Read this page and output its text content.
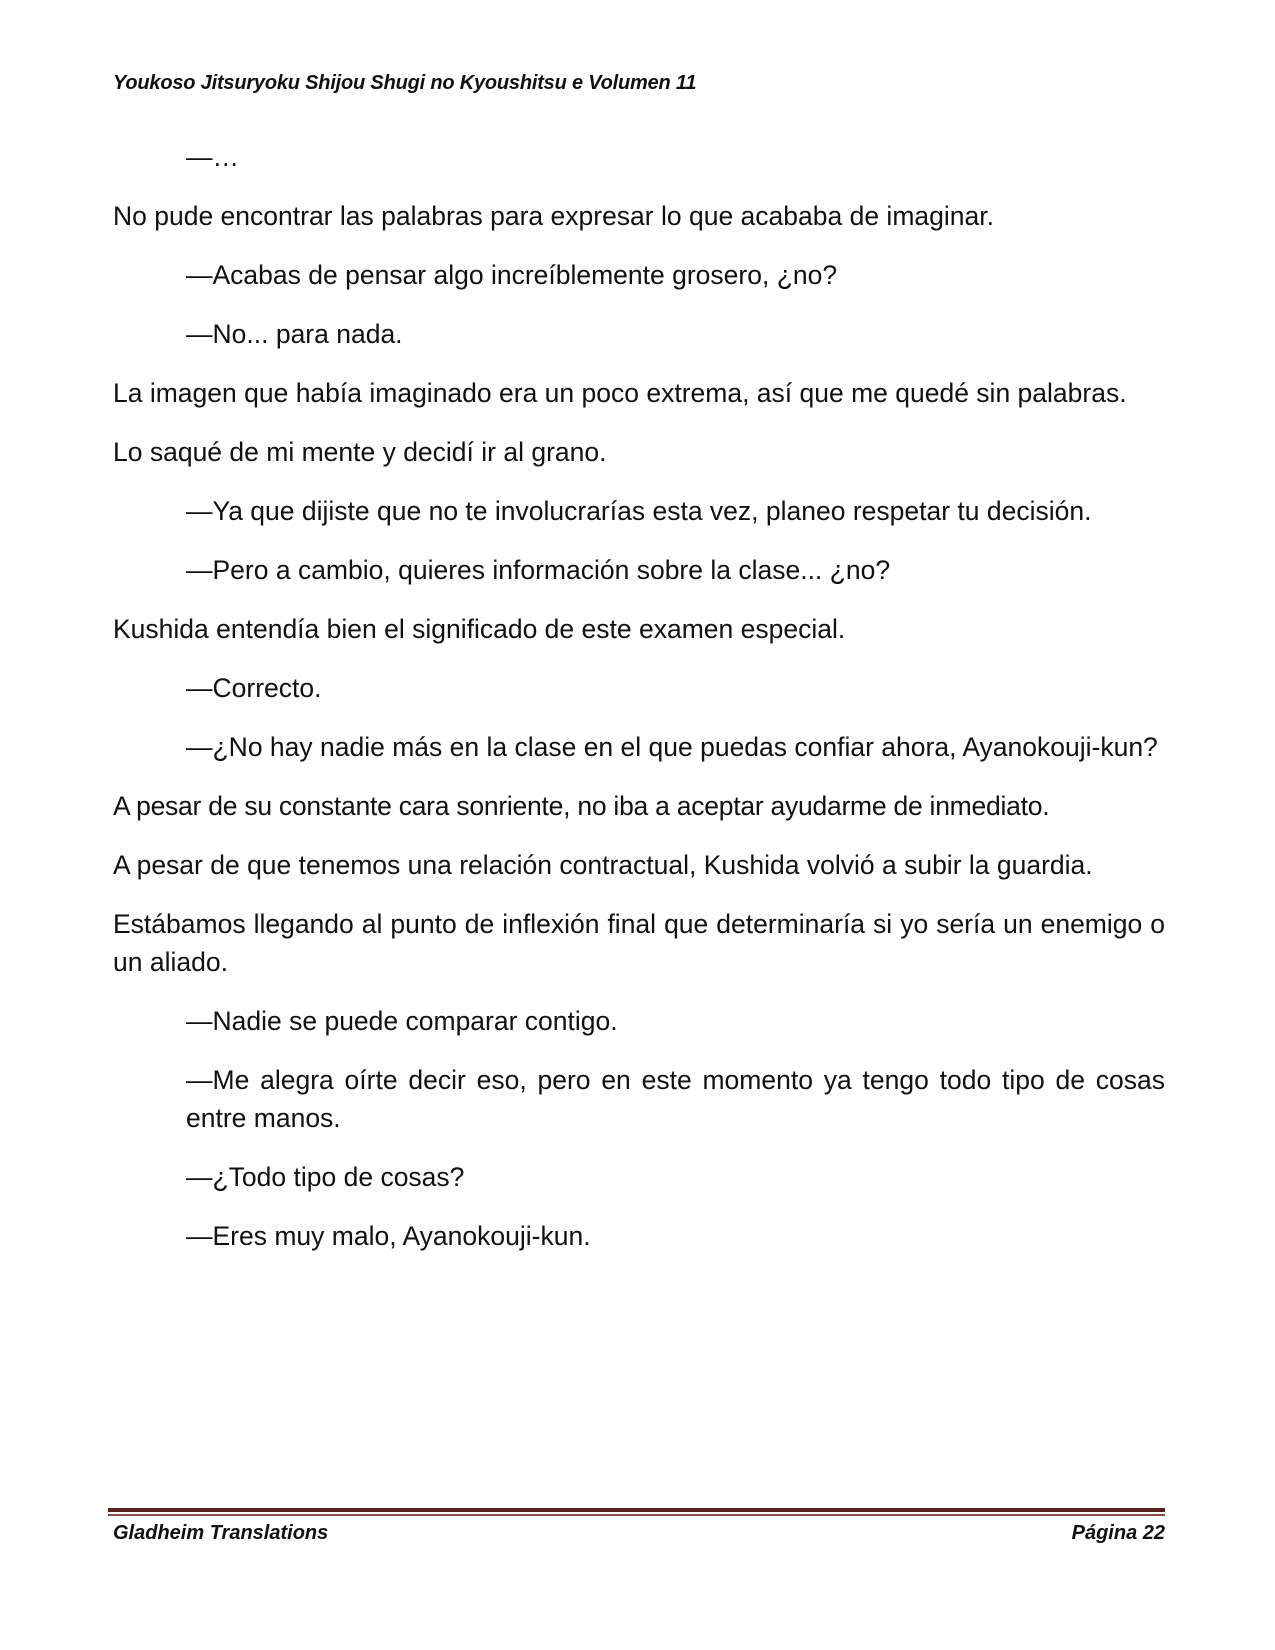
Youkoso Jitsuryoku Shijou Shugi no Kyoushitsu e Volumen 11

—…

No pude encontrar las palabras para expresar lo que acababa de imaginar.

—Acabas de pensar algo increíblemente grosero, ¿no?

—No... para nada.

La imagen que había imaginado era un poco extrema, así que me quedé sin palabras.

Lo saqué de mi mente y decidí ir al grano.

—Ya que dijiste que no te involucrarías esta vez, planeo respetar tu decisión.

—Pero a cambio, quieres información sobre la clase... ¿no?

Kushida entendía bien el significado de este examen especial.

—Correcto.

—¿No hay nadie más en la clase en el que puedas confiar ahora, Ayanokouji-kun?

A pesar de su constante cara sonriente, no iba a aceptar ayudarme de inmediato.

A pesar de que tenemos una relación contractual, Kushida volvió a subir la guardia.

Estábamos llegando al punto de inflexión final que determinaría si yo sería un enemigo o un aliado.

—Nadie se puede comparar contigo.

—Me alegra oírte decir eso, pero en este momento ya tengo todo tipo de cosas entre manos.

—¿Todo tipo de cosas?

—Eres muy malo, Ayanokouji-kun.

Gladheim Translations	Página 22
